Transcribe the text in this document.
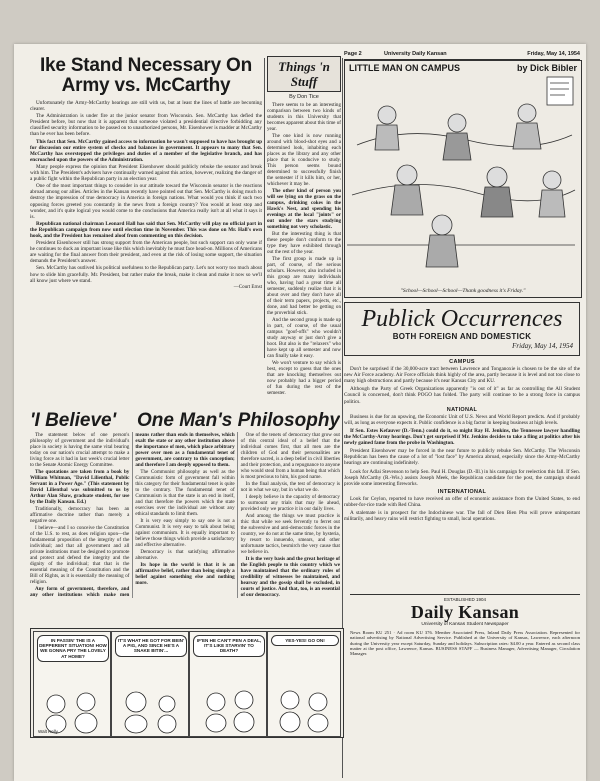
Page 2	University Daily Kansan	Friday, May 14, 1954
Ike Stand Necessary On Army vs. McCarthy

Unfortunately the Army-McCarthy hearings are still with us, but at least the lines of battle are becoming clearer.

The Administration is under fire at the junior senator from Wisconsin. Sen. McCarthy has defied the President before, but now that it is apparent that someone violated a presidential directive forbidding any classified security information to be passed on to unauthorized persons, Mr. Eisenhower is madder at McCarthy than he ever has been before.

This fact that Sen. McCarthy gained access to information he wasn't supposed to have has brought up for discussion our entire system of checks and balances in government. It appears to many that Sen. McCarthy has overstepped the privileges and duties of a member of the legislative branch, and has encroached upon the powers of the Administration.

Many people express the opinion that President Eisenhower should publicly rebuke the senator and break with him. The President's advisers have continually warned against this action, however, realizing the danger of a public fight within the Republican party in an election year.

One of the most important things to consider in our attitude toward the Wisconsin senator is the reactions abroad among our allies. Articles in the Kansan recently have pointed out that Sen. McCarthy is doing much to destroy the impression of true democracy in America in foreign nations. What would you think if such two opposing forces greeted you constantly in the news from a foreign country? You would at least stop and wonder, and it's quite logical you would come to the conclusions that America really isn't at all what it says it is.

Republican national chairman Leonard Hall has said that Sen. McCarthy will play no official part in the Republican campaign from now until election time in November. This was done on Mr. Hall's own hook, and the President has remained aloof from commenting on this decision.

President Eisenhower still has strong support from the American people, but such support can only wane if he continues to duck an important issue like this which inevitably he must face head-on. Millions of Americans are waiting for the final answer from their president, and even at the risk of losing some support, the situation demands the President's answer.

Sen. McCarthy has outlived his political usefulness to the Republican party. Let's not worry too much about how to slide him gracefully. Mr. President, but rather make the break, make it clean and make it now so we'll all know just where we stand.

—Court Ernst
Things 'n Stuff
By Don Tice

There seems to be an interesting comparison between two kinds of students in this University that becomes apparent about this time of year.

The one kind is now running around with blood-shot eyes and a determined look, inhabiting each places as the library and any other place that is conducive to study. This person seems bound determined to successfully finish the semester if it kills him, or her, whichever it may be.

The other kind of person you will see lying on the grass on the campus, drinking cokes in the Hawk's Nest, and spending his evenings at the local "joints" or out under the stars studying something not very scholastic.

But the interesting thing is that these people don't conform to the type they have exhibited through out the rest of the year.

The first group is made up in part, of course, of the serious scholars. However, also included in this group are many individuals who, having had a great time all semester, suddenly realize that it is about over and they don't have all of their term papers, projects, etc., done, and had better be getting on the proverbial stick.

And the second group is made up in part, of course, of the usual campus "goof-offs" who wouldn't study anyway or just don't give a hoot. But also is the "relaxers" who have kept up all semester and now can finally take it easy.

We won't venture to say which is best, except to guess that the ones that are knocking themselves out now probably had a bigger period of fun during the rest of the semester.

LITTLE MAN ON CAMPUS	by Dick Bibler
"School—School—School—Thank goodness it's Friday."
Publick Occurrences
BOTH FOREIGN AND DOMESTICK
Friday, May 14, 1954
CAMPUS

Don't be surprised if the 30,000-acre tract between Lawrence and Tonganoxie is chosen to be the site of the new Air Force academy. Air Force officials think highly of the area, partly because it is level and not too close to many high obstructions and partly because it's near Kansas City and KU.

Although the Party of Greek Organizations apparently "is out of it" as far as controlling the All Student Council is concerned, don't think POGO has folded. The party will continue to be a strong force in campus politics.

NATIONAL

Business is due for an upswing, the Economic Unit of U.S. News and World Report predicts. And if probably will, as long as everyone expects it. Public confidence is a big factor in keeping business at high levels.

If Sen. Estes Kefauver (D.-Tenn.) could do it, so might Ray H. Jenkins, the Tennessee lawyer handling the McCarthy-Army hearings. Don't get surprised if Mr. Jenkins decides to take a fling at politics after his newly gained fame from the probe in Washington.

President Eisenhower may be forced in the near future to publicly rebuke Sen. McCarthy. The Wisconsin Republican has been the cause of a lot of "lost face" by America abroad, especially since the Army-McCarthy hearings are continuing indefinitely.

Look for Adlai Stevenson to help Sen. Paul H. Douglas (D.-Ill.) in his campaign for reelection this fall. If Sen. Joseph McCarthy (R.-Wis.) assists Joseph Meek, the Republican candidate for the post, the campaign should provide some interesting fireworks.

INTERNATIONAL

Look for Ceylon, reported to have received an offer of economic assistance from the United States, to end rubber-for-rice trade with Red China.

A stalemate is in prospect for the Indochinese war. The fall of Dien Bien Phu will prove unimportant militarily, and heavy rains will restrict fighting to small, local operations.

'I Believe' One Man's Philosophy

The statement below of one person's philosophy of government and the individual's place in society is having the same vital bearing today on our nation's crucial attempt to make a living force as it had in last week's crucial letter to the Senate Atomic Energy Committee.

The quotations are taken from a book by William Whitman, "David Lilienthal, Public Servant in a Power Age." (This statement by David Lilienthal was submitted to us by Arthur Alan Shaw, graduate student, for use by the Daily Kansan. Ed.)

Traditionally, democracy has been an affirmative doctrine rather than merely a negative one.

I believe—and I so conceive the Constitution of the U.S. to rest, as does religion upon—the fundamental proposition of the integrity of the individual; and that all government and all private institutions must be designed to promote and protect and defend the integrity and the dignity of the individual; that that is the essential meaning of the Constitution and the Bill of Rights, as it is essentially the meaning of religion.

Any form of government, therefore, and any other institutions which make men means rather than ends in themselves, which exalt the state or any other institution above the importance of men, which place arbitrary power over men as a fundamental tenet of government, are contrary to this conception; and therefore I am deeply opposed to them.

The Communist philosophy as well as the Communistic form of government fall within this category for their fundamental tenet is quite to the contrary. The fundamental tenet of Communism is that the state is an end in itself, and that therefore the powers which the state exercises over the individual are without any ethical standards to limit them.

It is very easy simply to say one is not a Communist. It is very easy to talk about being against communism. It is equally important to believe those things which provide a satisfactory and effective alternative.

Democracy is that satisfying affirmative alternative.

Its hope in the world is that it is an affirmative belief, rather than being simply a belief against something else and nothing more.

One of the tenets of democracy that grow out of this central ideal of a belief that the individual comes first, that all men are the children of God and their personalities are therefore sacred, is a deep belief in civil liberties and their protection, and a repugnance to anyone who would steal from a human being that which is most precious to him, his good name.

In the final analysis, the test of democracy is not in what we say, but in what we do.

I deeply believe in the capacity of democracy to surmount any trials that may lie ahead, provided only we practice it in our daily lives.

And among the things we must practice is this: that while we seek fervently to ferret out the subversive and anti-democratic forces in the country, we do not at the same time, by hysteria, by resort to innuendo, smears, and other unfortunate tactics, besmirch the very cause that we believe in.

It is the very basis and the great heritage of the English people to this country which we have maintained that the ordinary rules of credibility of witnesses be maintained, and hearsay and the gossip shall be excluded, in courts of justice. And that, too, is an essential of our democracy.

IN PASSIN' THE IS A DEPPERENT SITUATION! HOW WE GONNA PRY THE LOVELY AT HOME?
Walt Kelly
IT'S WHAT HE GOT FOR BEIN' A PIG, AND SINCE HE'S A SNAKE BITIN'...
IF'EN HE CAN'T PEN A DEAL, IT'S LIKE STARVIN' TO DEATH?
YES-YES! GO ON!
ESTABLISHED 1904
Daily Kansan
University of Kansas Student Newspaper
News Room KU 251 · Ad room KU 376. Member Associated Press, Inland Daily Press Association. Represented for national advertising by National Advertising Service. Published at the University of Kansas, Lawrence, each afternoon during the University year except Saturday, Sunday and holidays. Subscription rates: $4.00 a year. Entered as second class matter at the post office, Lawrence, Kansas. BUSINESS STAFF — Business Manager, Advertising Manager, Circulation Manager.
